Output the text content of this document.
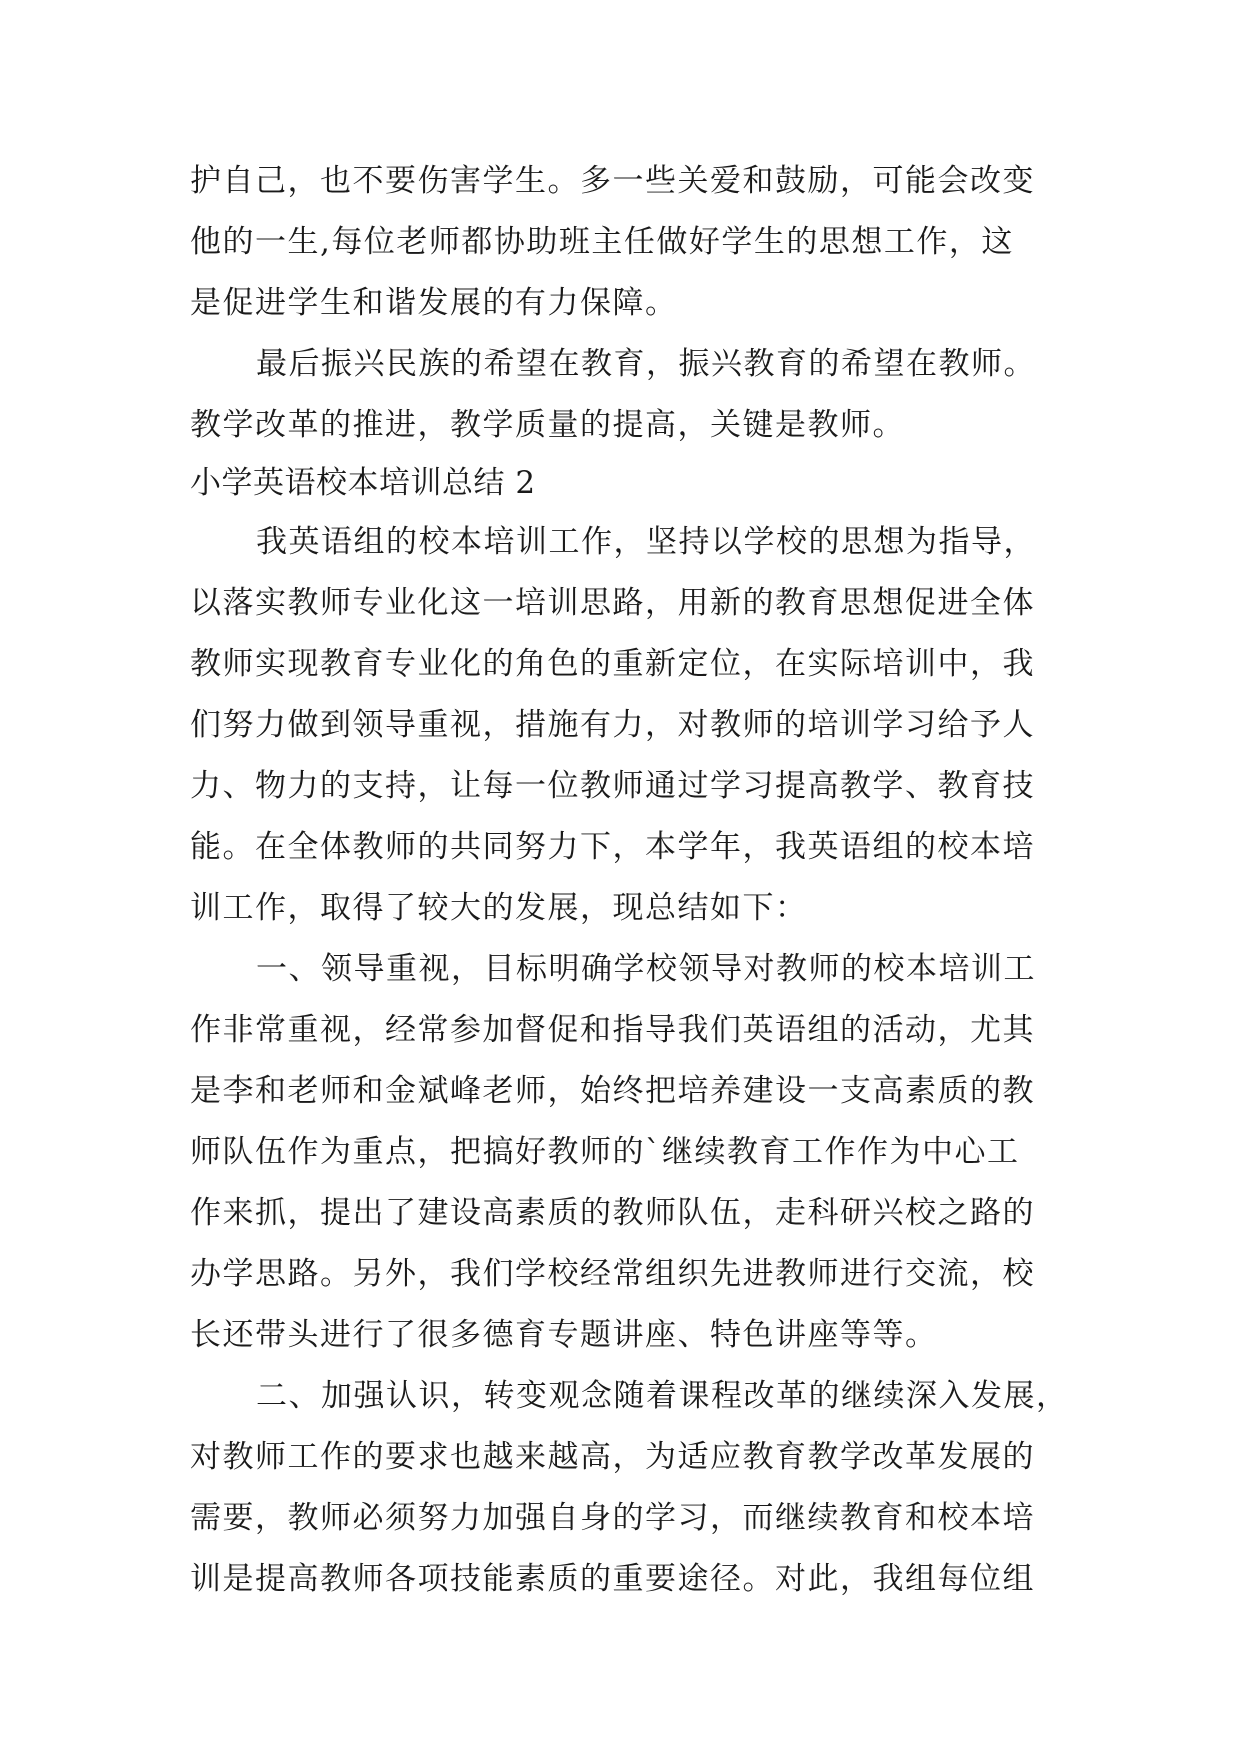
护自己，也不要伤害学生。多一些关爱和鼓励，可能会改变
他的一生,每位老师都协助班主任做好学生的思想工作，这
是促进学生和谐发展的有力保障。
最后振兴民族的希望在教育，振兴教育的希望在教师。
教学改革的推进，教学质量的提高，关键是教师。
小学英语校本培训总结 2
我英语组的校本培训工作，坚持以学校的思想为指导，
以落实教师专业化这一培训思路，用新的教育思想促进全体
教师实现教育专业化的角色的重新定位，在实际培训中，我
们努力做到领导重视，措施有力，对教师的培训学习给予人
力、物力的支持，让每一位教师通过学习提高教学、教育技
能。在全体教师的共同努力下，本学年，我英语组的校本培
训工作，取得了较大的发展，现总结如下：
一、领导重视，目标明确学校领导对教师的校本培训工
作非常重视，经常参加督促和指导我们英语组的活动，尤其
是李和老师和金斌峰老师，始终把培养建设一支高素质的教
师队伍作为重点，把搞好教师的`继续教育工作作为中心工
作来抓，提出了建设高素质的教师队伍，走科研兴校之路的
办学思路。另外，我们学校经常组织先进教师进行交流，校
长还带头进行了很多德育专题讲座、特色讲座等等。
二、加强认识，转变观念随着课程改革的继续深入发展，
对教师工作的要求也越来越高，为适应教育教学改革发展的
需要，教师必须努力加强自身的学习，而继续教育和校本培
训是提高教师各项技能素质的重要途径。对此，我组每位组
